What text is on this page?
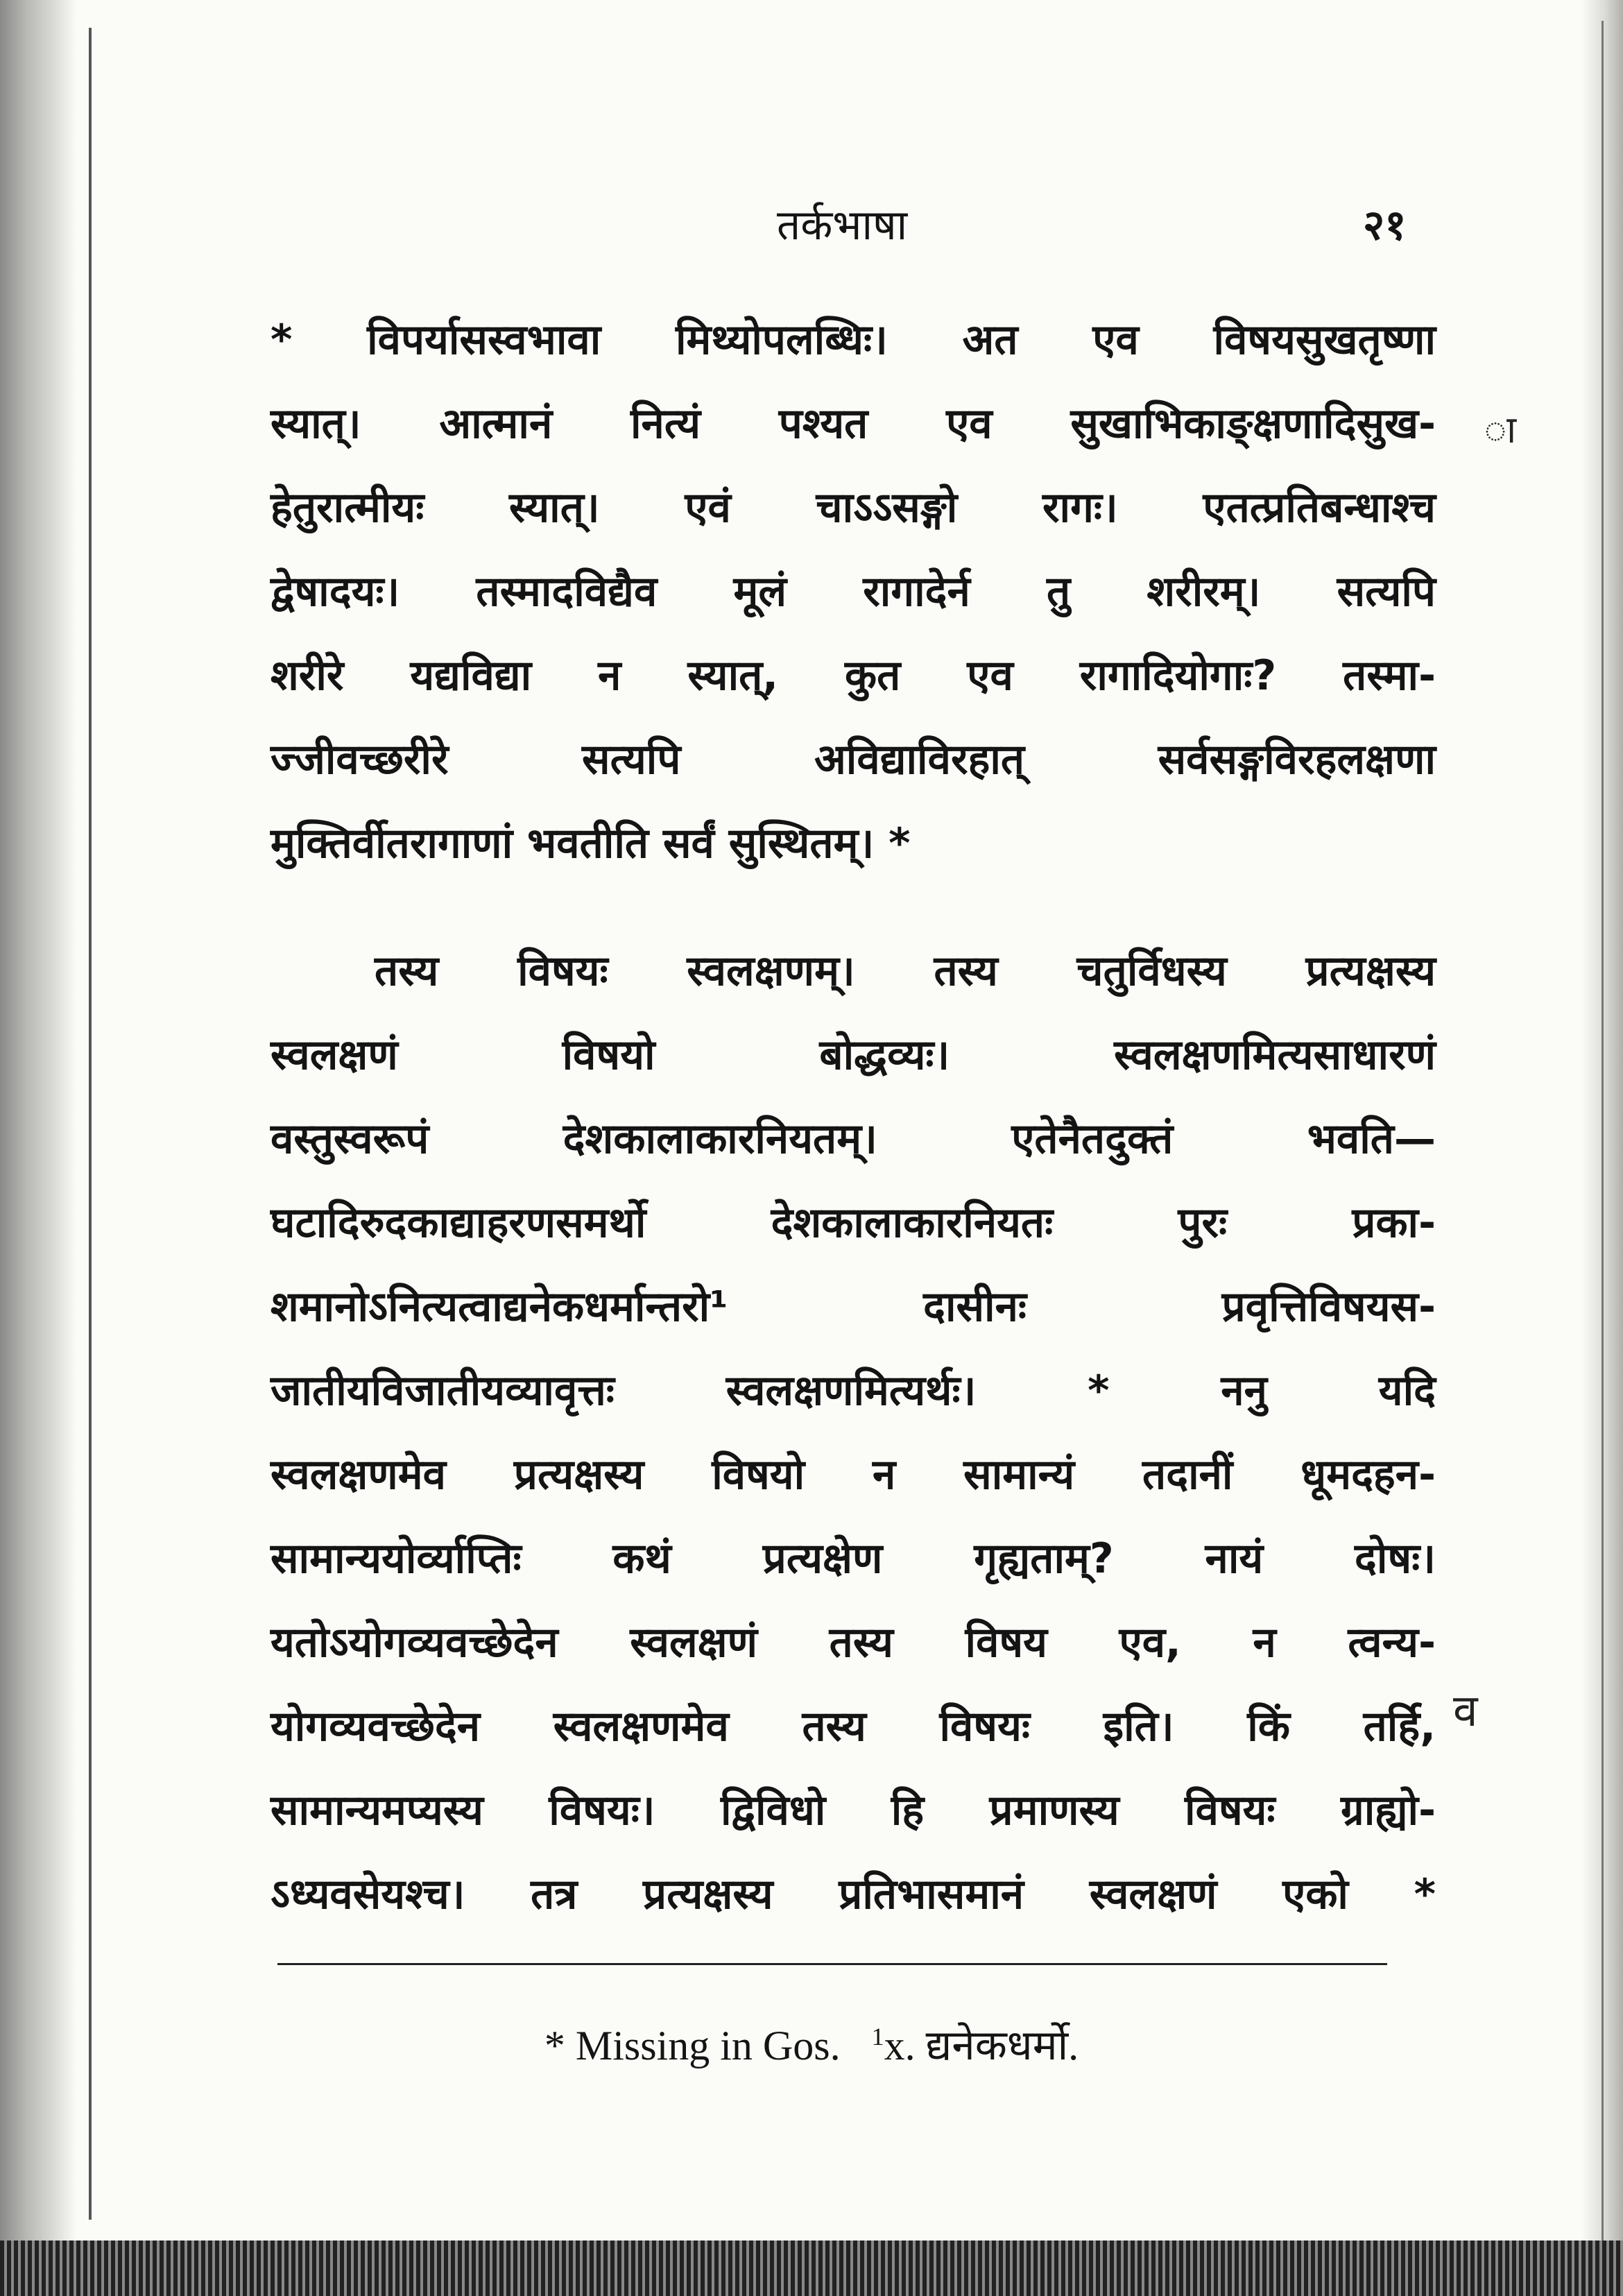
तर्कभाषा	२१
* विपर्यासस्वभावा मिथ्योपलब्धिः। अत एव विषयसुखतृष्णा
स्यात्। आत्मानं नित्यं पश्यत एव सुखाभिकाङ्क्षणादिसुख-
हेतुरात्मीयः स्यात्। एवं चाऽऽसङ्गो रागः। एतत्प्रतिबन्धाश्च
द्वेषादयः। तस्मादविद्यैव मूलं रागादेर्न तु शरीरम्। सत्यपि
शरीरे यद्यविद्या न स्यात्, कुत एव रागादियोगाः? तस्मा-
ज्जीवच्छरीरे सत्यपि अविद्याविरहात् सर्वसङ्गविरहलक्षणा
मुक्तिर्वीतरागाणां भवतीति सर्वं सुस्थितम्। *
तस्य विषयः स्वलक्षणम्। तस्य चतुर्विधस्य प्रत्यक्षस्य
स्वलक्षणं विषयो बोद्धव्यः। स्वलक्षणमित्यसाधारणं
वस्तुस्वरूपं देशकालाकारनियतम्। एतेनैतदुक्तं भवति—
घटादिरुदकाद्याहरणसमर्थो देशकालाकारनियतः पुरः प्रका-
शमानोऽनित्यत्वाद्यनेकधर्मान्तरो¹ दासीनः प्रवृत्तिविषयस-
जातीयविजातीयव्यावृत्तः स्वलक्षणमित्यर्थः। * ननु यदि
स्वलक्षणमेव प्रत्यक्षस्य विषयो न सामान्यं तदानीं धूमदहन-
सामान्ययोर्व्याप्तिः कथं प्रत्यक्षेण गृह्यताम्? नायं दोषः।
यतोऽयोगव्यवच्छेदेन स्वलक्षणं तस्य विषय एव, न त्वन्य-
योगव्यवच्छेदेन स्वलक्षणमेव तस्य विषयः इति। किं तर्हि,
सामान्यमप्यस्य विषयः। द्विविधो हि प्रमाणस्य विषयः ग्राह्यो-
ऽध्यवसेयश्च। तत्र प्रत्यक्षस्य प्रतिभासमानं स्वलक्षणं एको *
ा
व
* Missing in Gos. $^1$x. द्यनेकधर्मो.
